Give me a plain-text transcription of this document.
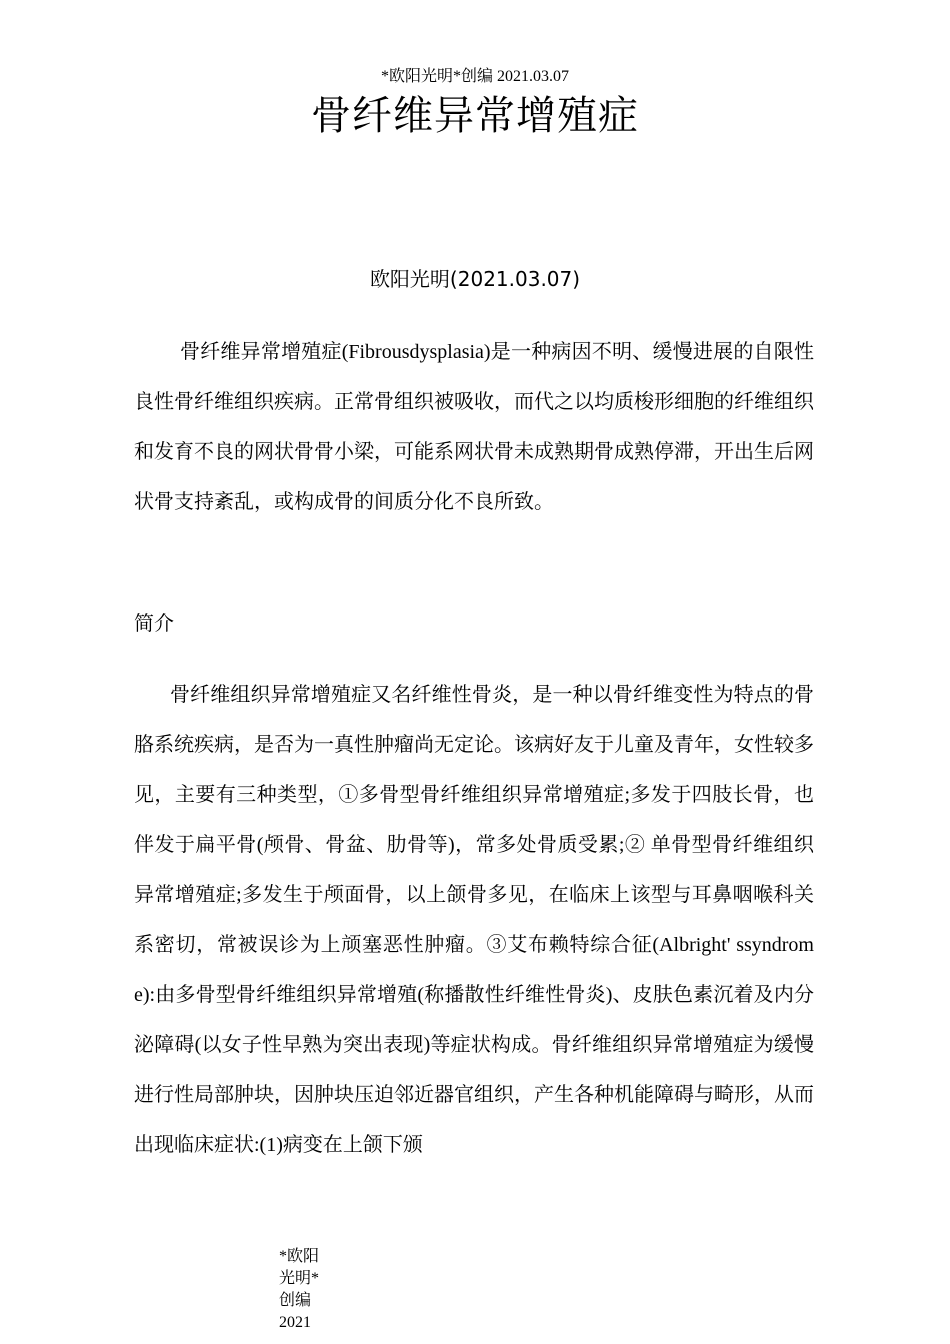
*欧阳光明*创编 2021.03.07
骨纤维异常增殖症
欧阳光明(2021.03.07)

骨纤维异常增殖症(Fibrousdysplasia)是一种病因不明、缓慢进展的自限性良性骨纤维组织疾病。正常骨组织被吸收，而代之以均质梭形细胞的纤维组织和发育不良的网状骨骨小梁，可能系网状骨未成熟期骨成熟停滞，开出生后网状骨支持紊乱，或构成骨的间质分化不良所致。

简介

骨纤维组织异常增殖症又名纤维性骨炎，是一种以骨纤维变性为特点的骨胳系统疾病，是否为一真性肿瘤尚无定论。该病好友于儿童及青年，女性较多见，主要有三种类型，①多骨型骨纤维组织异常增殖症;多发于四肢长骨，也伴发于扁平骨(颅骨、骨盆、肋骨等)，常多处骨质受累;② 单骨型骨纤维组织异常增殖症;多发生于颅面骨，以上颌骨多见，在临床上该型与耳鼻咽喉科关系密切，常被误诊为上颃塞恶性肿瘤。③艾布赖特综合征(Albright' ssyndrome):由多骨型骨纤维组织异常增殖(称播散性纤维性骨炎)、皮肤色素沉着及内分泌障碍(以女子性早熟为突出表现)等症状构成。骨纤维组织异常增殖症为缓慢进行性局部肿块，因肿块压迫邻近器官组织，产生各种机能障碍与畸形，从而出现临床症状:(1)病变在上颌下颁

*欧阳光明*创编 2021
